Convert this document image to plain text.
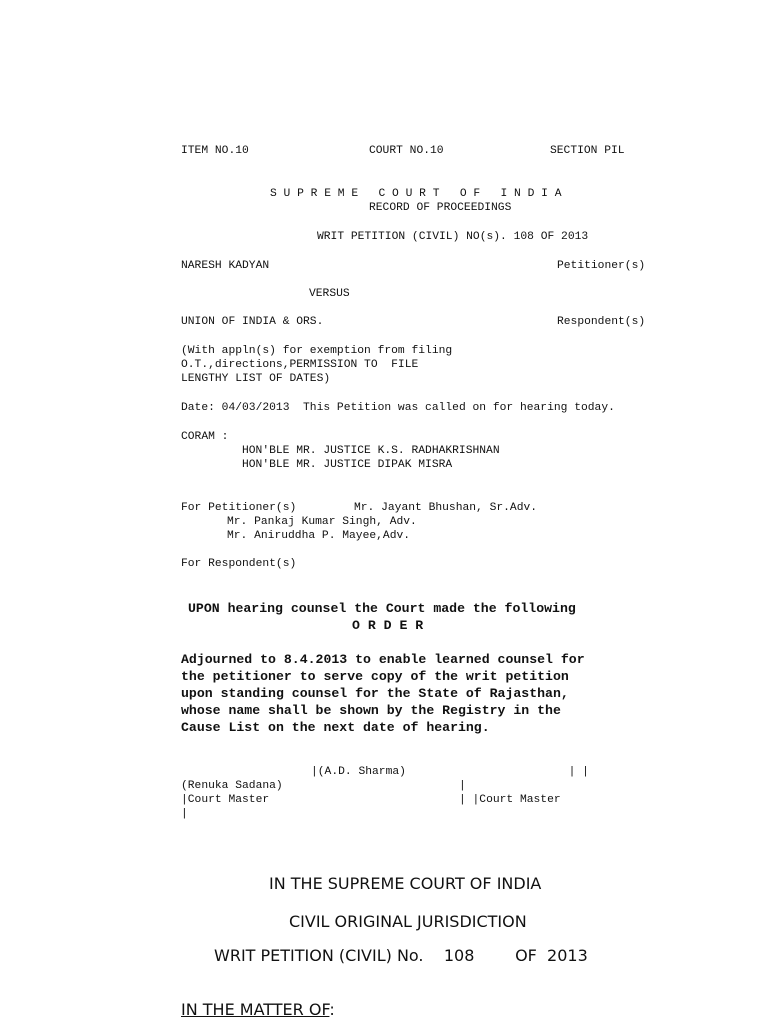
ITEM NO.10	COURT NO.10	SECTION PIL
S U P R E M E   C O U R T   O F   I N D I A
RECORD OF PROCEEDINGS
WRIT PETITION (CIVIL) NO(s). 108 OF 2013
NARESH KADYAN	Petitioner(s)
VERSUS
UNION OF INDIA & ORS.	Respondent(s)
(With appln(s) for exemption from filing
O.T.,directions,PERMISSION TO  FILE
LENGTHY LIST OF DATES)
Date: 04/03/2013  This Petition was called on for hearing today.
CORAM :
HON'BLE MR. JUSTICE K.S. RADHAKRISHNAN
HON'BLE MR. JUSTICE DIPAK MISRA
For Petitioner(s)	Mr. Jayant Bhushan, Sr.Adv.
Mr. Pankaj Kumar Singh, Adv.
Mr. Aniruddha P. Mayee,Adv.
For Respondent(s)
UPON hearing counsel the Court made the following
O R D E R
Adjourned to 8.4.2013 to enable learned counsel for
the petitioner to serve copy of the writ petition
upon standing counsel for the State of Rajasthan,
whose name shall be shown by the Registry in the
Cause List on the next date of hearing.
|(A.D. Sharma)                        | |
(Renuka Sadana)                          |
|Court Master                            | |Court Master
|
IN THE SUPREME COURT OF INDIA
CIVIL ORIGINAL JURISDICTION
WRIT PETITION (CIVIL) No.    108        OF  2013
IN THE MATTER OF:
